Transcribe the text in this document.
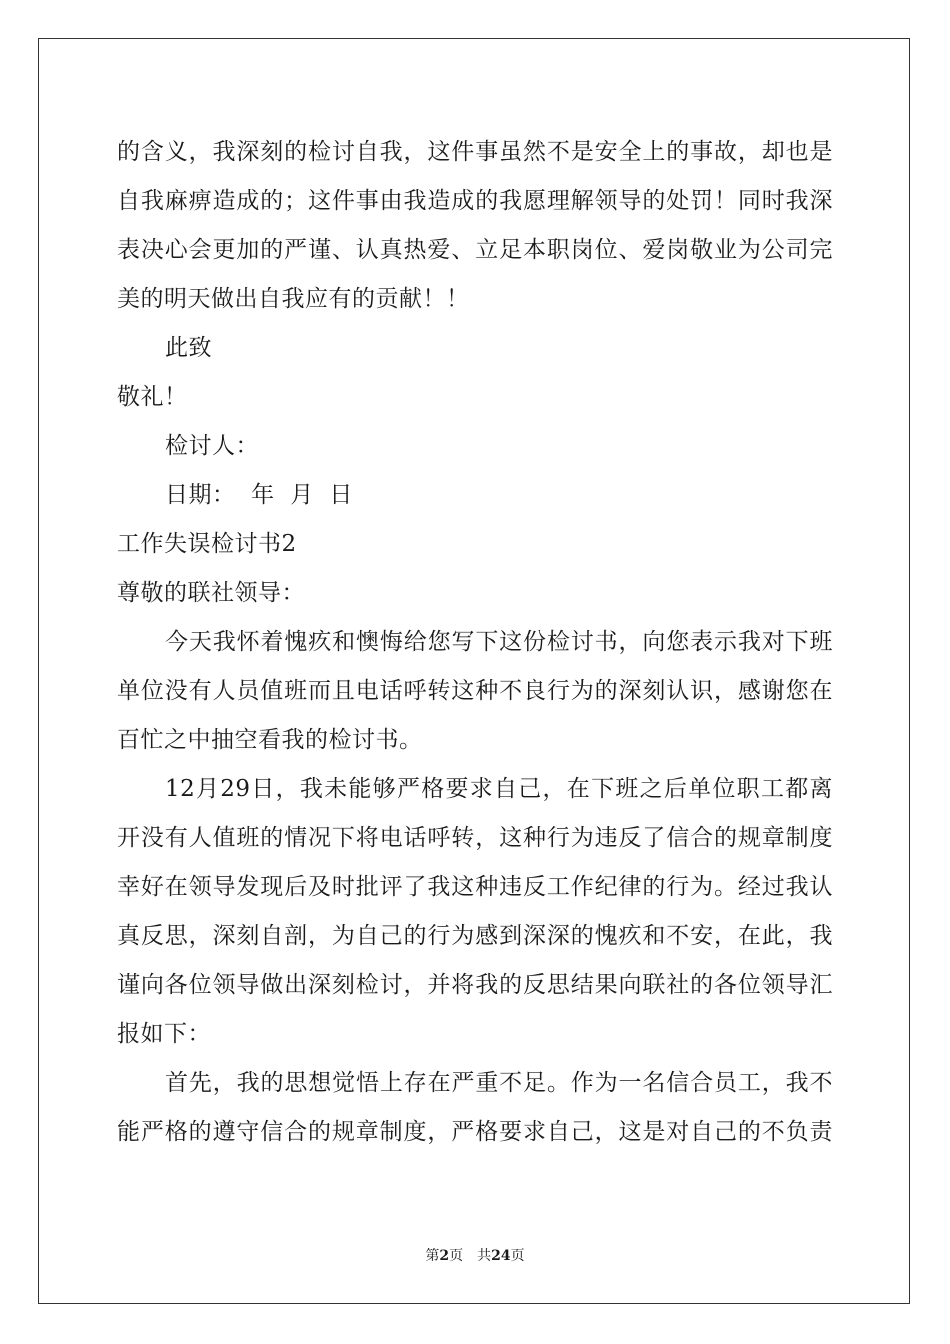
的含义，我深刻的检讨自我，这件事虽然不是安全上的事故，却也是
自我麻痹造成的；这件事由我造成的我愿理解领导的处罚！同时我深
表决心会更加的严谨、认真热爱、立足本职岗位、爱岗敬业为公司完
美的明天做出自我应有的贡献！！
此致
敬礼！
检讨人：
日期：  年  月  日
工作失误检讨书2
尊敬的联社领导：
今天我怀着愧疚和懊悔给您写下这份检讨书，向您表示我对下班
单位没有人员值班而且电话呼转这种不良行为的深刻认识，感谢您在
百忙之中抽空看我的检讨书。
12月29日，我未能够严格要求自己，在下班之后单位职工都离
开没有人值班的情况下将电话呼转，这种行为违反了信合的规章制度
幸好在领导发现后及时批评了我这种违反工作纪律的行为。经过我认
真反思，深刻自剖，为自己的行为感到深深的愧疚和不安，在此，我
谨向各位领导做出深刻检讨，并将我的反思结果向联社的各位领导汇
报如下：
首先，我的思想觉悟上存在严重不足。作为一名信合员工，我不
能严格的遵守信合的规章制度，严格要求自己，这是对自己的不负责
第2页 共24页
